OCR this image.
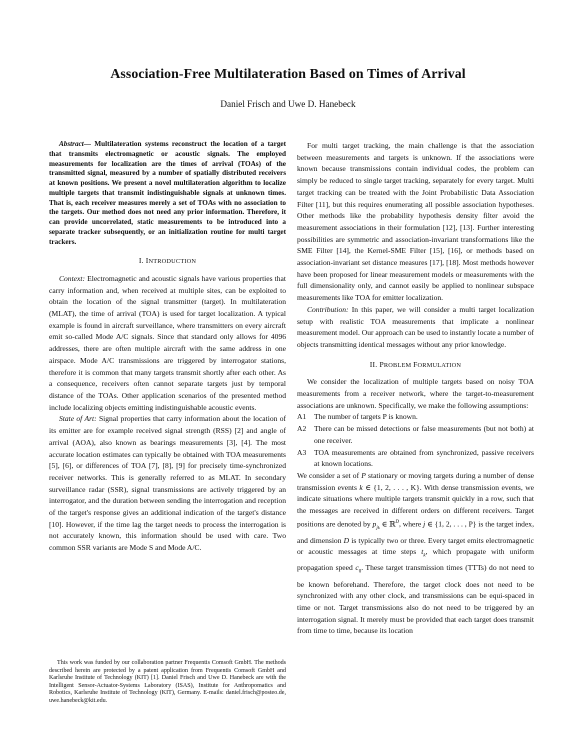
Association-Free Multilateration Based on Times of Arrival
Daniel Frisch and Uwe D. Hanebeck

Abstract— Multilateration systems reconstruct the location of a target that transmits electromagnetic or acoustic signals. The employed measurements for localization are the times of arrival (TOAs) of the transmitted signal, measured by a number of spatially distributed receivers at known positions. We present a novel multilateration algorithm to localize multiple targets that transmit indistinguishable signals at unknown times. That is, each receiver measures merely a set of TOAs with no association to the targets. Our method does not need any prior information. Therefore, it can provide uncorrelated, static measurements to be introduced into a separate tracker subsequently, or an initialization routine for multi target trackers.

I. INTRODUCTION

Context: Electromagnetic and acoustic signals have various properties that carry information and, when received at multiple sites, can be exploited to obtain the location of the signal transmitter (target). In multilateration (MLAT), the time of arrival (TOA) is used for target localization. A typical example is found in aircraft surveillance, where transmitters on every aircraft emit so-called Mode A/C signals. Since that standard only allows for 4096 addresses, there are often multiple aircraft with the same address in one airspace. Mode A/C transmissions are triggered by interrogator stations, therefore it is common that many targets transmit shortly after each other. As a consequence, receivers often cannot separate targets just by temporal distance of the TOAs. Other application scenarios of the presented method include localizing objects emitting indistinguishable acoustic events.

State of Art: Signal properties that carry information about the location of its emitter are for example received signal strength (RSS) [2] and angle of arrival (AOA), also known as bearings measurements [3], [4]. The most accurate location estimates can typically be obtained with TOA measurements [5], [6], or differences of TOA [7], [8], [9] for precisely time-synchronized receiver networks. This is generally referred to as MLAT. In secondary surveillance radar (SSR), signal transmissions are actively triggered by an interrogator, and the duration between sending the interrogation and reception of the target's response gives an additional indication of the target's distance [10]. However, if the time lag the target needs to process the interrogation is not accurately known, this information should be used with care. Two common SSR variants are Mode S and Mode A/C.

This work was funded by our collaboration partner Frequentis Comsoft GmbH. The methods described herein are protected by a patent application from Frequentis Comsoft GmbH and Karlsruhe Institute of Technology (KIT) [1]. Daniel Frisch and Uwe D. Hanebeck are with the Intelligent Sensor-Actuator-Systems Laboratory (ISAS), Institute for Anthropomatics and Robotics, Karlsruhe Institute of Technology (KIT), Germany. E-mails: daniel.frisch@posteo.de, uwe.hanebeck@kit.edu.

For multi target tracking, the main challenge is that the association between measurements and targets is unknown. If the associations were known because transmissions contain individual codes, the problem can simply be reduced to single target tracking, separately for every target. Multi target tracking can be treated with the Joint Probabilistic Data Association Filter [11], but this requires enumerating all possible association hypotheses. Other methods like the probability hypothesis density filter avoid the measurement associations in their formulation [12], [13]. Further interesting possibilities are symmetric and association-invariant transformations like the SME Filter [14], the Kernel-SME Filter [15], [16], or methods based on association-invariant set distance measures [17], [18]. Most methods however have been proposed for linear measurement models or measurements with the full dimensionality only, and cannot easily be applied to nonlinear subspace measurements like TOA for emitter localization.

Contribution: In this paper, we will consider a multi target localization setup with realistic TOA measurements that implicate a nonlinear measurement model. Our approach can be used to instantly locate a number of objects transmitting identical messages without any prior knowledge.

II. PROBLEM FORMULATION

We consider the localization of multiple targets based on noisy TOA measurements from a receiver network, where the target-to-measurement associations are unknown. Specifically, we make the following assumptions:

A1	The number of targets P is known.
A2	There can be missed detections or false measurements (but not both) at one receiver.
A3	TOA measurements are obtained from synchronized, passive receivers at known locations.

We consider a set of P stationary or moving targets during a number of dense transmission events k ∈ {1, 2, . . . , K}. With dense transmission events, we indicate situations where multiple targets transmit quickly in a row, such that the messages are received in different orders on different receivers. Target positions are denoted by $p_{jk}$ ∈ ℝ$^D$, where j ∈ {1, 2, . . . , P} is the target index, and dimension D is typically two or three. Every target emits electromagnetic or acoustic messages at time steps $t_k$, which propagate with uniform propagation speed $c_0$. These target transmission times (TTTs) do not need to be known beforehand. Therefore, the target clock does not need to be synchronized with any other clock, and transmissions can be equi-spaced in time or not. Target transmissions also do not need to be triggered by an interrogation signal. It merely must be provided that each target does transmit from time to time, because its location
